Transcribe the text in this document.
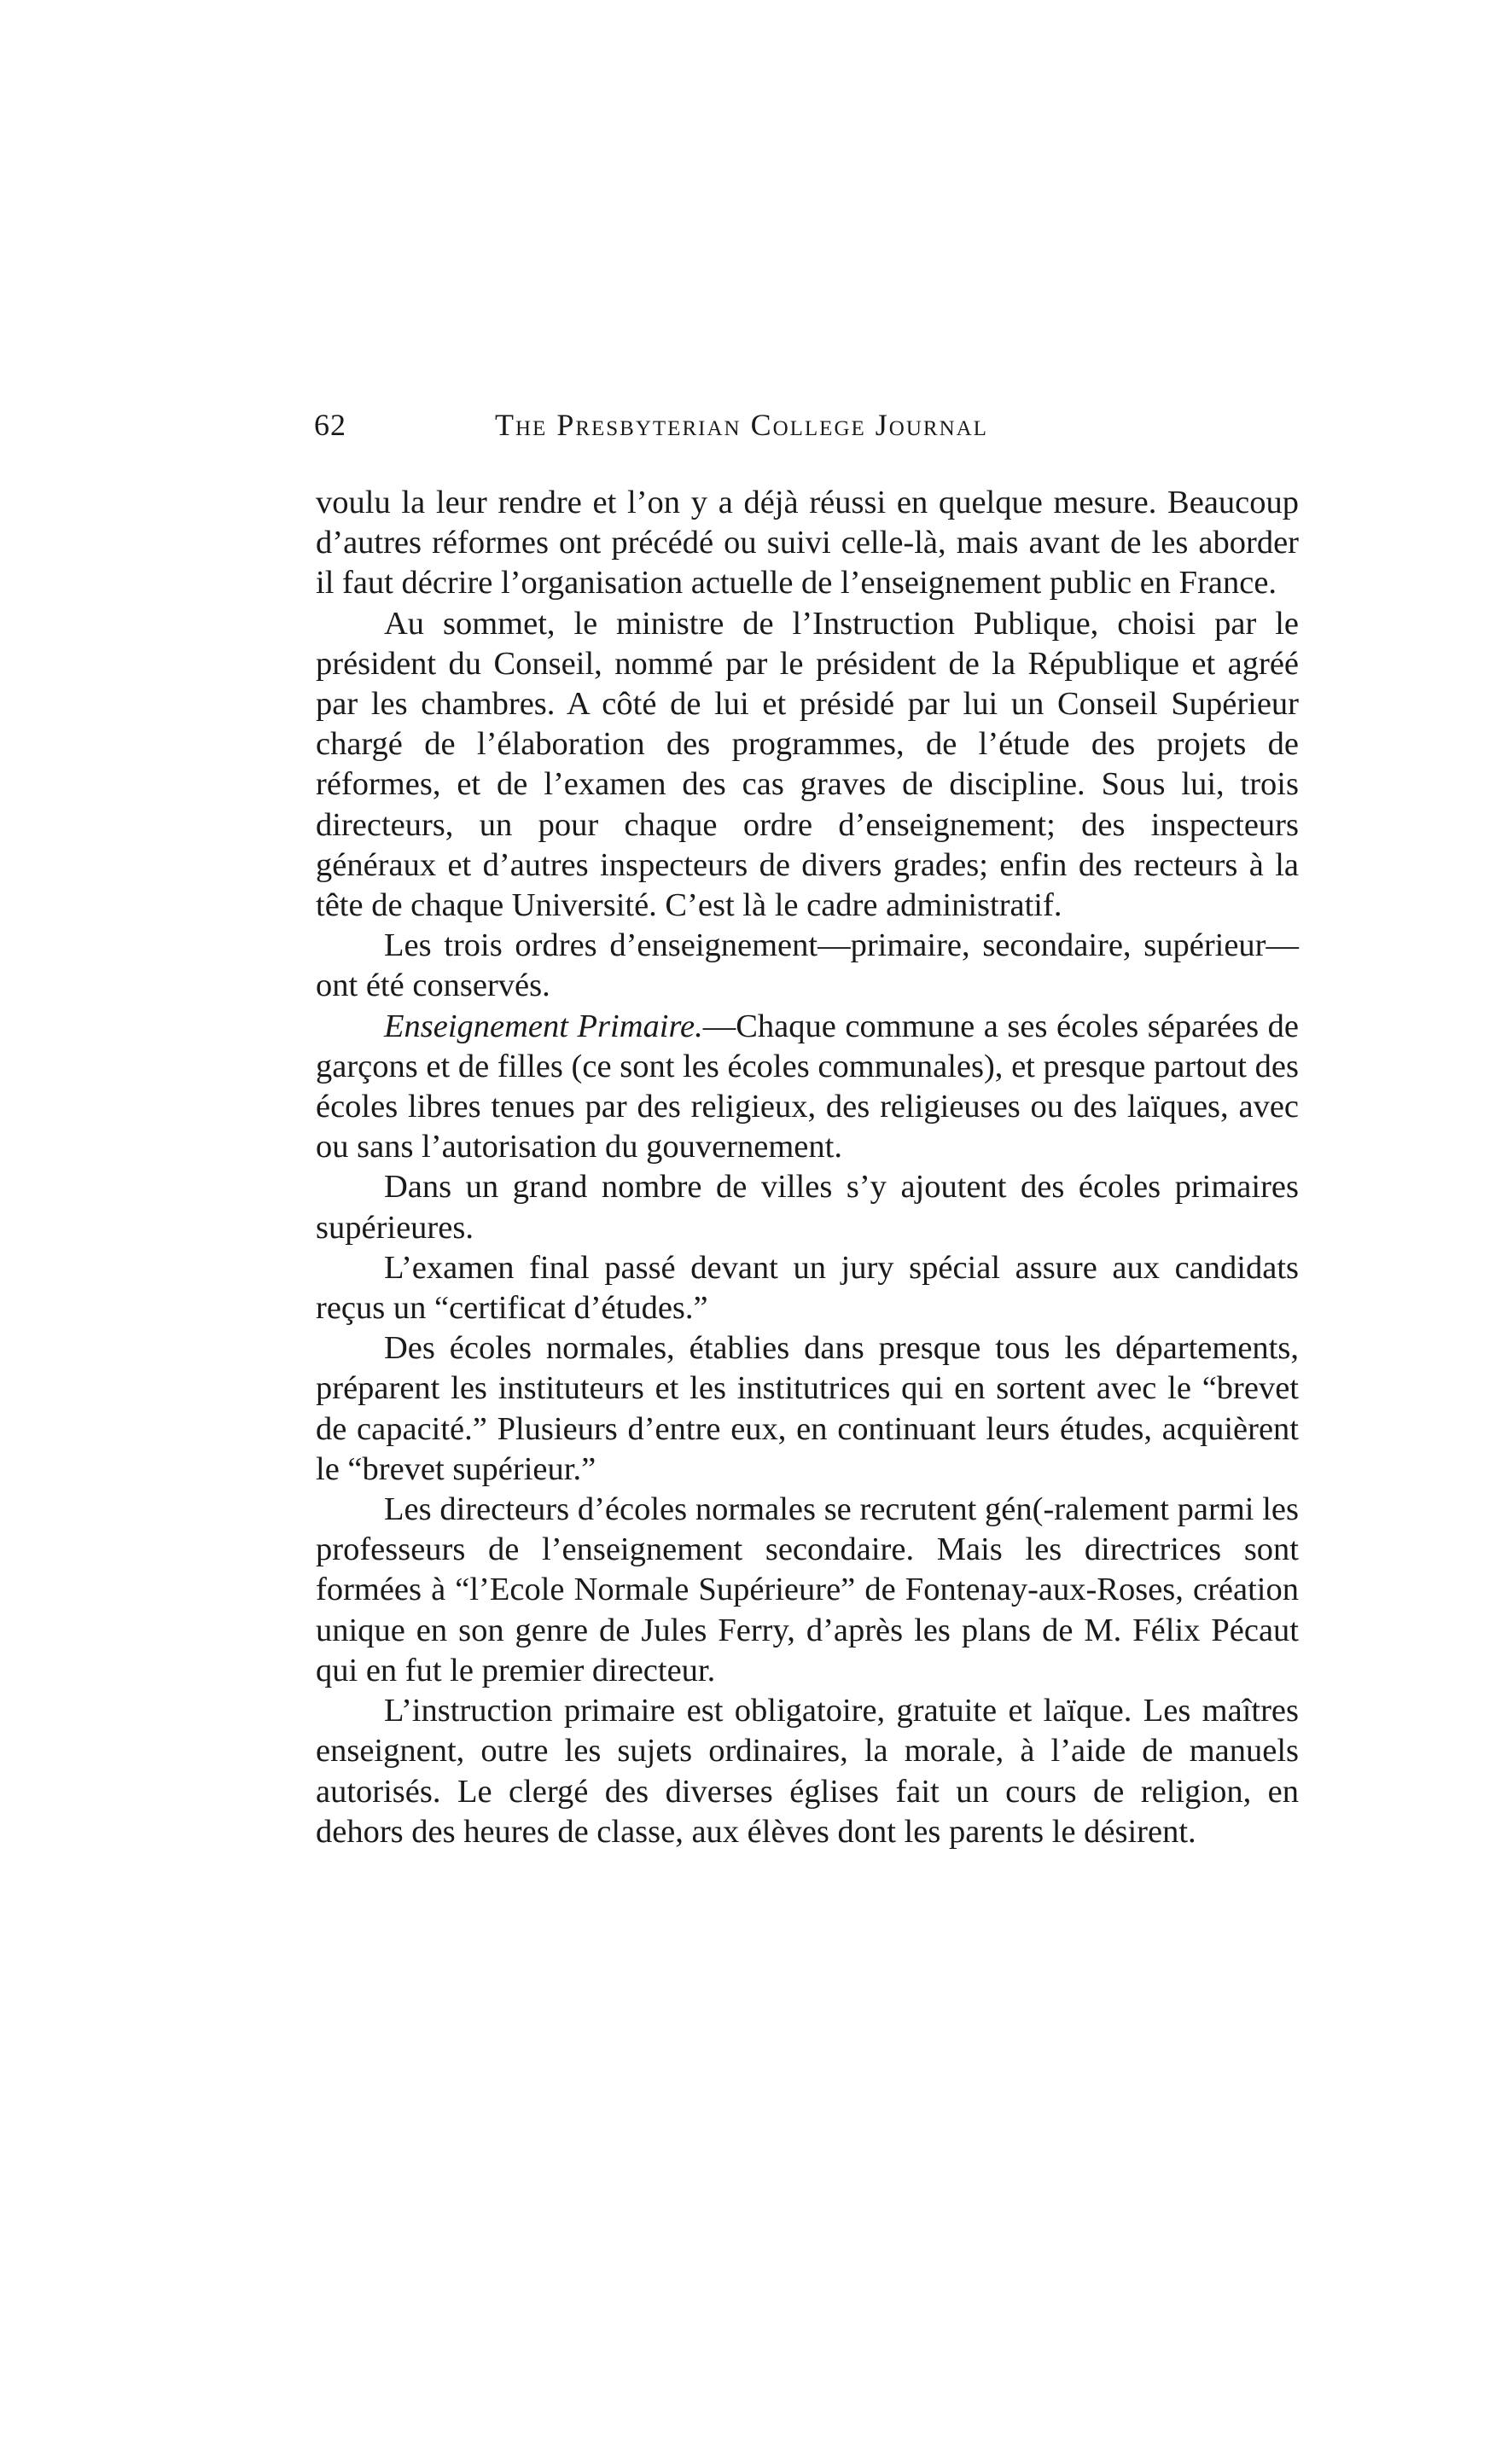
62	The Presbyterian College Journal

voulu la leur rendre et l’on y a déjà réussi en quelque mesure. Beaucoup d’autres réformes ont précédé ou suivi celle-là, mais avant de les aborder il faut décrire l’organisation actuelle de l’enseignement public en France.

Au sommet, le ministre de l’Instruction Publique, choisi par le président du Conseil, nommé par le président de la République et agréé par les chambres. A côté de lui et présidé par lui un Conseil Supérieur chargé de l’élaboration des programmes, de l’étude des projets de réformes, et de l’examen des cas graves de discipline. Sous lui, trois directeurs, un pour chaque ordre d’enseignement; des inspecteurs généraux et d’autres inspecteurs de divers grades; enfin des recteurs à la tête de chaque Université. C’est là le cadre administratif.

Les trois ordres d’enseignement—primaire, secondaire, supérieur—ont été conservés.

Enseignement Primaire.—Chaque commune a ses écoles séparées de garçons et de filles (ce sont les écoles communales), et presque partout des écoles libres tenues par des religieux, des religieuses ou des laïques, avec ou sans l’autorisation du gouvernement.

Dans un grand nombre de villes s’y ajoutent des écoles primaires supérieures.

L’examen final passé devant un jury spécial assure aux candidats reçus un “certificat d’études.”

Des écoles normales, établies dans presque tous les départements, préparent les instituteurs et les institutrices qui en sortent avec le “brevet de capacité.” Plusieurs d’entre eux, en continuant leurs études, acquièrent le “brevet supérieur.”

Les directeurs d’écoles normales se recrutent gén(-ralement parmi les professeurs de l’enseignement secondaire. Mais les directrices sont formées à “l’Ecole Normale Supérieure” de Fontenay-aux-Roses, création unique en son genre de Jules Ferry, d’après les plans de M. Félix Pécaut qui en fut le premier directeur.

L’instruction primaire est obligatoire, gratuite et laïque. Les maîtres enseignent, outre les sujets ordinaires, la morale, à l’aide de manuels autorisés. Le clergé des diverses églises fait un cours de religion, en dehors des heures de classe, aux élèves dont les parents le désirent.
